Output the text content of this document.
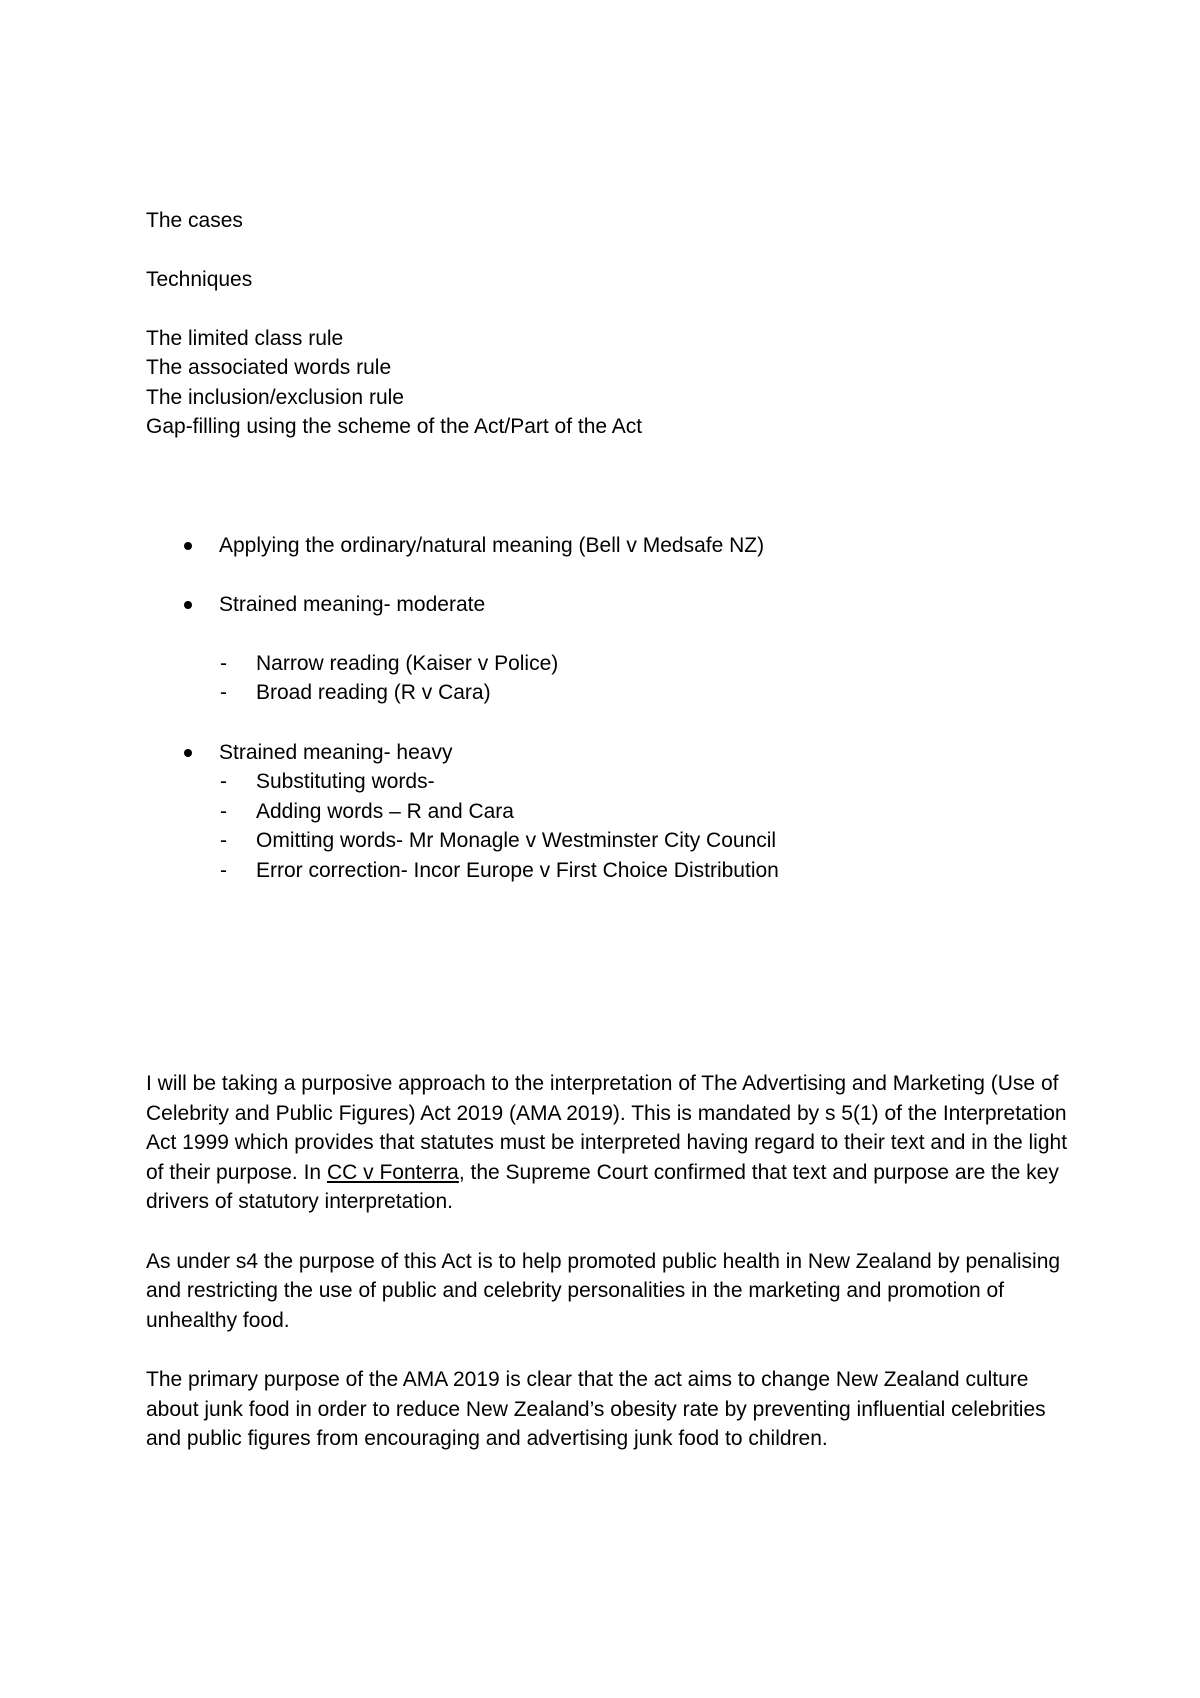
The cases
Techniques
The limited class rule
The associated words rule
The inclusion/exclusion rule
Gap-filling using the scheme of the Act/Part of the Act
Applying the ordinary/natural meaning (Bell v Medsafe NZ)
Strained meaning- moderate
- Narrow reading (Kaiser v Police)
- Broad reading (R v Cara)
Strained meaning- heavy
- Substituting words-
- Adding words – R and Cara
- Omitting words- Mr Monagle v Westminster City Council
- Error correction- Incor Europe v First Choice Distribution

I will be taking a purposive approach to the interpretation of The Advertising and Marketing (Use of Celebrity and Public Figures) Act 2019 (AMA 2019). This is mandated by s 5(1) of the Interpretation Act 1999 which provides that statutes must be interpreted having regard to their text and in the light of their purpose. In CC v Fonterra, the Supreme Court confirmed that text and purpose are the key drivers of statutory interpretation.

As under s4 the purpose of this Act is to help promoted public health in New Zealand by penalising and restricting the use of public and celebrity personalities in the marketing and promotion of unhealthy food.

The primary purpose of the AMA 2019 is clear that the act aims to change New Zealand culture about junk food in order to reduce New Zealand’s obesity rate by preventing influential celebrities and public figures from encouraging and advertising junk food to children.
